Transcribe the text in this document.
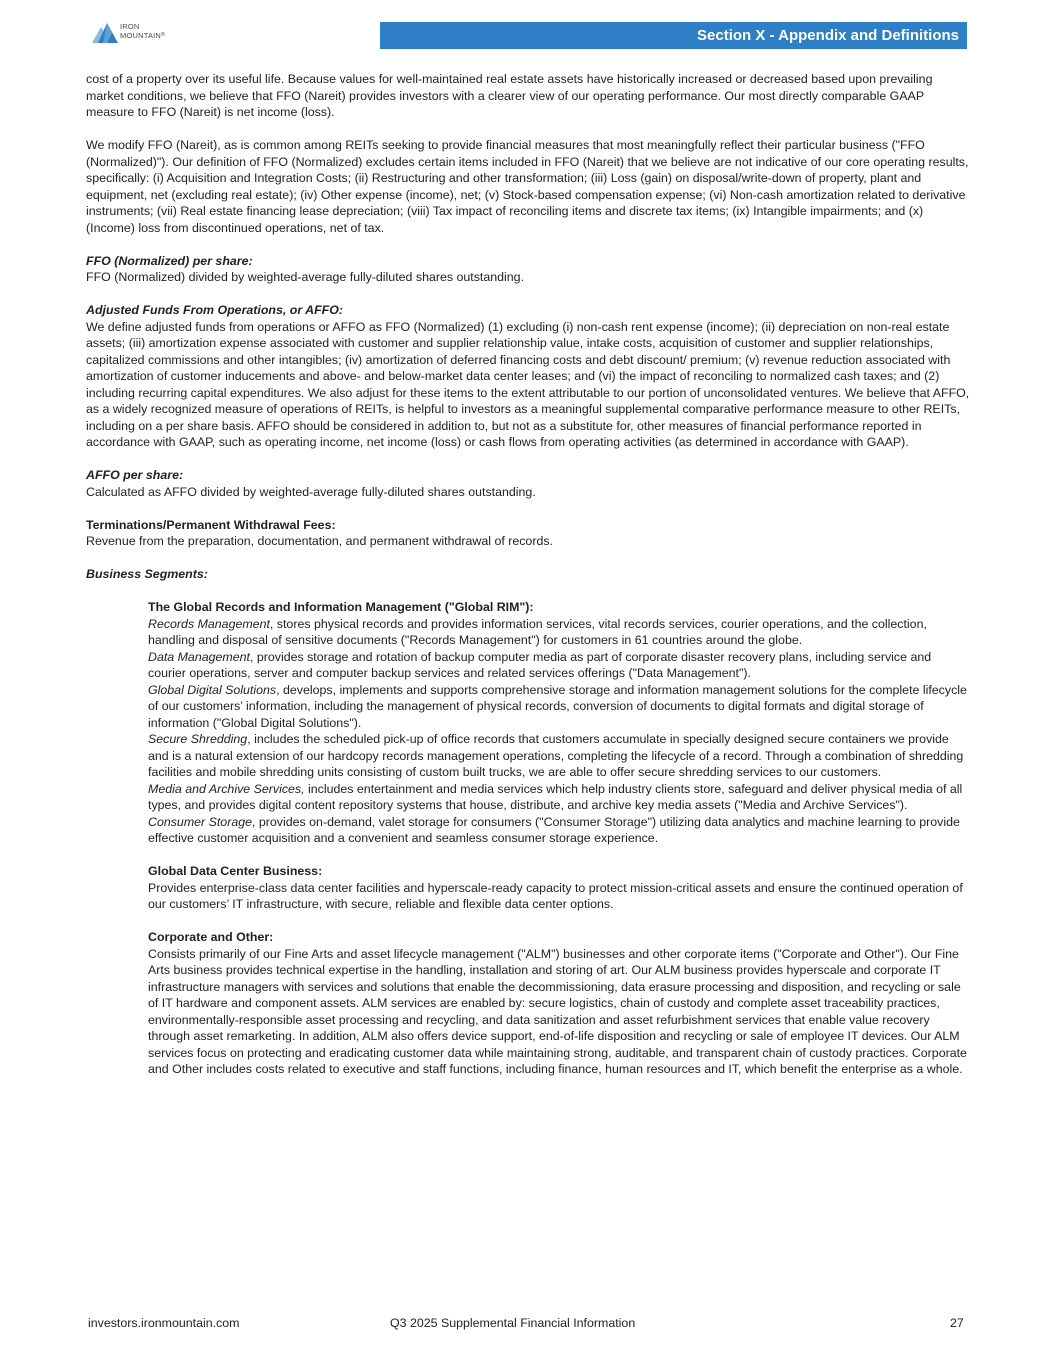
IRON
MOUNTAIN®	Section X - Appendix and Definitions

cost of a property over its useful life. Because values for well-maintained real estate assets have historically increased or decreased based upon prevailing market conditions, we believe that FFO (Nareit) provides investors with a clearer view of our operating performance. Our most directly comparable GAAP measure to FFO (Nareit) is net income (loss).

We modify FFO (Nareit), as is common among REITs seeking to provide financial measures that most meaningfully reflect their particular business ("FFO (Normalized)"). Our definition of FFO (Normalized) excludes certain items included in FFO (Nareit) that we believe are not indicative of our core operating results, specifically: (i) Acquisition and Integration Costs; (ii) Restructuring and other transformation; (iii) Loss (gain) on disposal/write-down of property, plant and equipment, net (excluding real estate); (iv) Other expense (income), net; (v) Stock-based compensation expense; (vi) Non-cash amortization related to derivative instruments; (vii) Real estate financing lease depreciation; (viii) Tax impact of reconciling items and discrete tax items; (ix) Intangible impairments; and (x) (Income) loss from discontinued operations, net of tax.

FFO (Normalized) per share:
FFO (Normalized) divided by weighted-average fully-diluted shares outstanding.

Adjusted Funds From Operations, or AFFO:
We define adjusted funds from operations or AFFO as FFO (Normalized) (1) excluding (i) non-cash rent expense (income); (ii) depreciation on non-real estate assets; (iii) amortization expense associated with customer and supplier relationship value, intake costs, acquisition of customer and supplier relationships, capitalized commissions and other intangibles; (iv) amortization of deferred financing costs and debt discount/ premium; (v) revenue reduction associated with amortization of customer inducements and above- and below-market data center leases; and (vi) the impact of reconciling to normalized cash taxes; and (2) including recurring capital expenditures. We also adjust for these items to the extent attributable to our portion of unconsolidated ventures. We believe that AFFO, as a widely recognized measure of operations of REITs, is helpful to investors as a meaningful supplemental comparative performance measure to other REITs, including on a per share basis. AFFO should be considered in addition to, but not as a substitute for, other measures of financial performance reported in accordance with GAAP, such as operating income, net income (loss) or cash flows from operating activities (as determined in accordance with GAAP).

AFFO per share:
Calculated as AFFO divided by weighted-average fully-diluted shares outstanding.

Terminations/Permanent Withdrawal Fees:
Revenue from the preparation, documentation, and permanent withdrawal of records.

Business Segments:

The Global Records and Information Management ("Global RIM"):
Records Management, stores physical records and provides information services, vital records services, courier operations, and the collection, handling and disposal of sensitive documents ("Records Management") for customers in 61 countries around the globe.
Data Management, provides storage and rotation of backup computer media as part of corporate disaster recovery plans, including service and courier operations, server and computer backup services and related services offerings ("Data Management").
Global Digital Solutions, develops, implements and supports comprehensive storage and information management solutions for the complete lifecycle of our customers’ information, including the management of physical records, conversion of documents to digital formats and digital storage of information ("Global Digital Solutions").
Secure Shredding, includes the scheduled pick-up of office records that customers accumulate in specially designed secure containers we provide and is a natural extension of our hardcopy records management operations, completing the lifecycle of a record. Through a combination of shredding facilities and mobile shredding units consisting of custom built trucks, we are able to offer secure shredding services to our customers.
Media and Archive Services, includes entertainment and media services which help industry clients store, safeguard and deliver physical media of all types, and provides digital content repository systems that house, distribute, and archive key media assets ("Media and Archive Services").
Consumer Storage, provides on-demand, valet storage for consumers ("Consumer Storage") utilizing data analytics and machine learning to provide effective customer acquisition and a convenient and seamless consumer storage experience.

Global Data Center Business:
Provides enterprise-class data center facilities and hyperscale-ready capacity to protect mission-critical assets and ensure the continued operation of our customers’ IT infrastructure, with secure, reliable and flexible data center options.

Corporate and Other:
Consists primarily of our Fine Arts and asset lifecycle management ("ALM") businesses and other corporate items ("Corporate and Other"). Our Fine Arts business provides technical expertise in the handling, installation and storing of art. Our ALM business provides hyperscale and corporate IT infrastructure managers with services and solutions that enable the decommissioning, data erasure processing and disposition, and recycling or sale of IT hardware and component assets. ALM services are enabled by: secure logistics, chain of custody and complete asset traceability practices, environmentally-responsible asset processing and recycling, and data sanitization and asset refurbishment services that enable value recovery through asset remarketing. In addition, ALM also offers device support, end-of-life disposition and recycling or sale of employee IT devices. Our ALM services focus on protecting and eradicating customer data while maintaining strong, auditable, and transparent chain of custody practices. Corporate and Other includes costs related to executive and staff functions, including finance, human resources and IT, which benefit the enterprise as a whole.

investors.ironmountain.com	Q3 2025 Supplemental Financial Information	27
